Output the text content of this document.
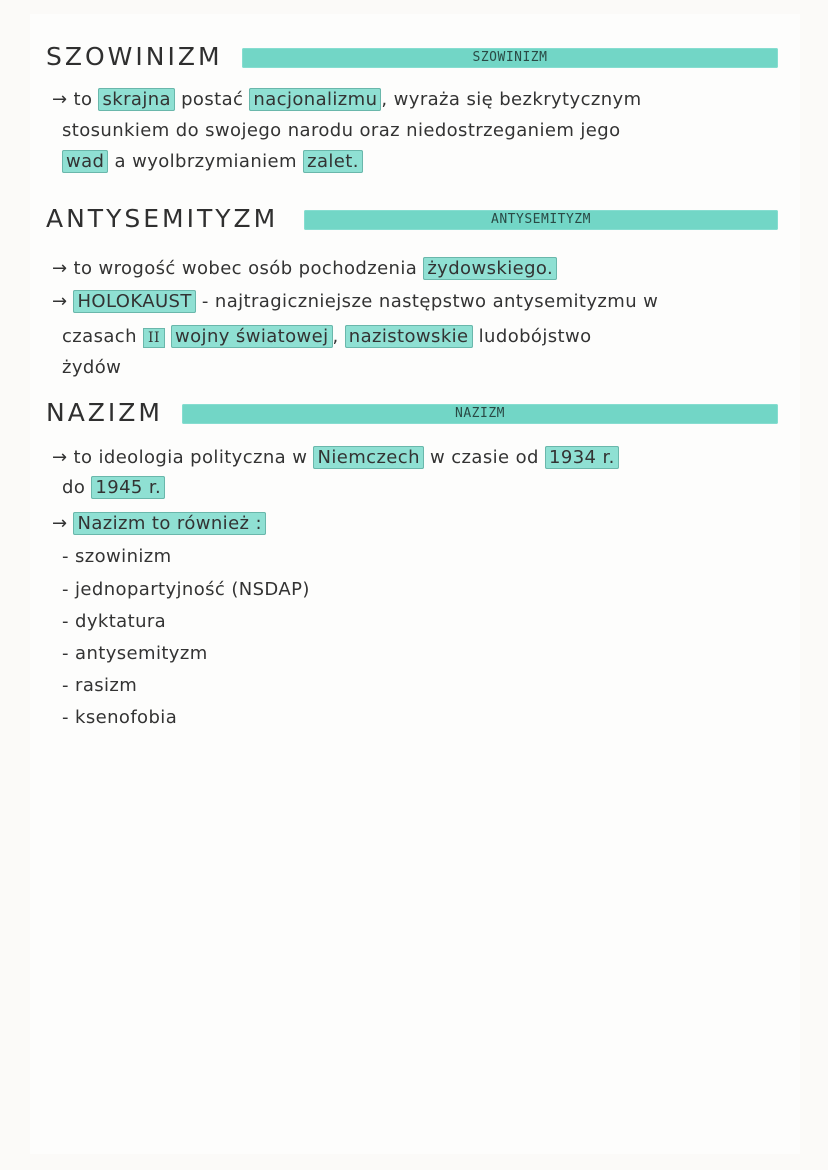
SZOWINIZM	SZOWINIZM
→ to skrajna postać nacjonalizmu , wyraża się bezkrytycznym
stosunkiem do swojego narodu oraz niedostrzeganiem jego
wad a wyolbrzymianiem zalet.
ANTYSEMITYZM	ANTYSEMITYZM
→ to wrogość wobec osób pochodzenia żydowskiego.
→ HOLOKAUST - najtragiczniejsze następstwo antysemityzmu w
czasach II wojny światowej , nazistowskie ludobójstwo
żydów
NAZIZM	NAZIZM
→ to ideologia polityczna w Niemczech w czasie od 1934 r.
do 1945 r.
→ Nazizm to również :
- szowinizm
- jednopartyjność (NSDAP)
- dyktatura
- antysemityzm
- rasizm
- ksenofobia
